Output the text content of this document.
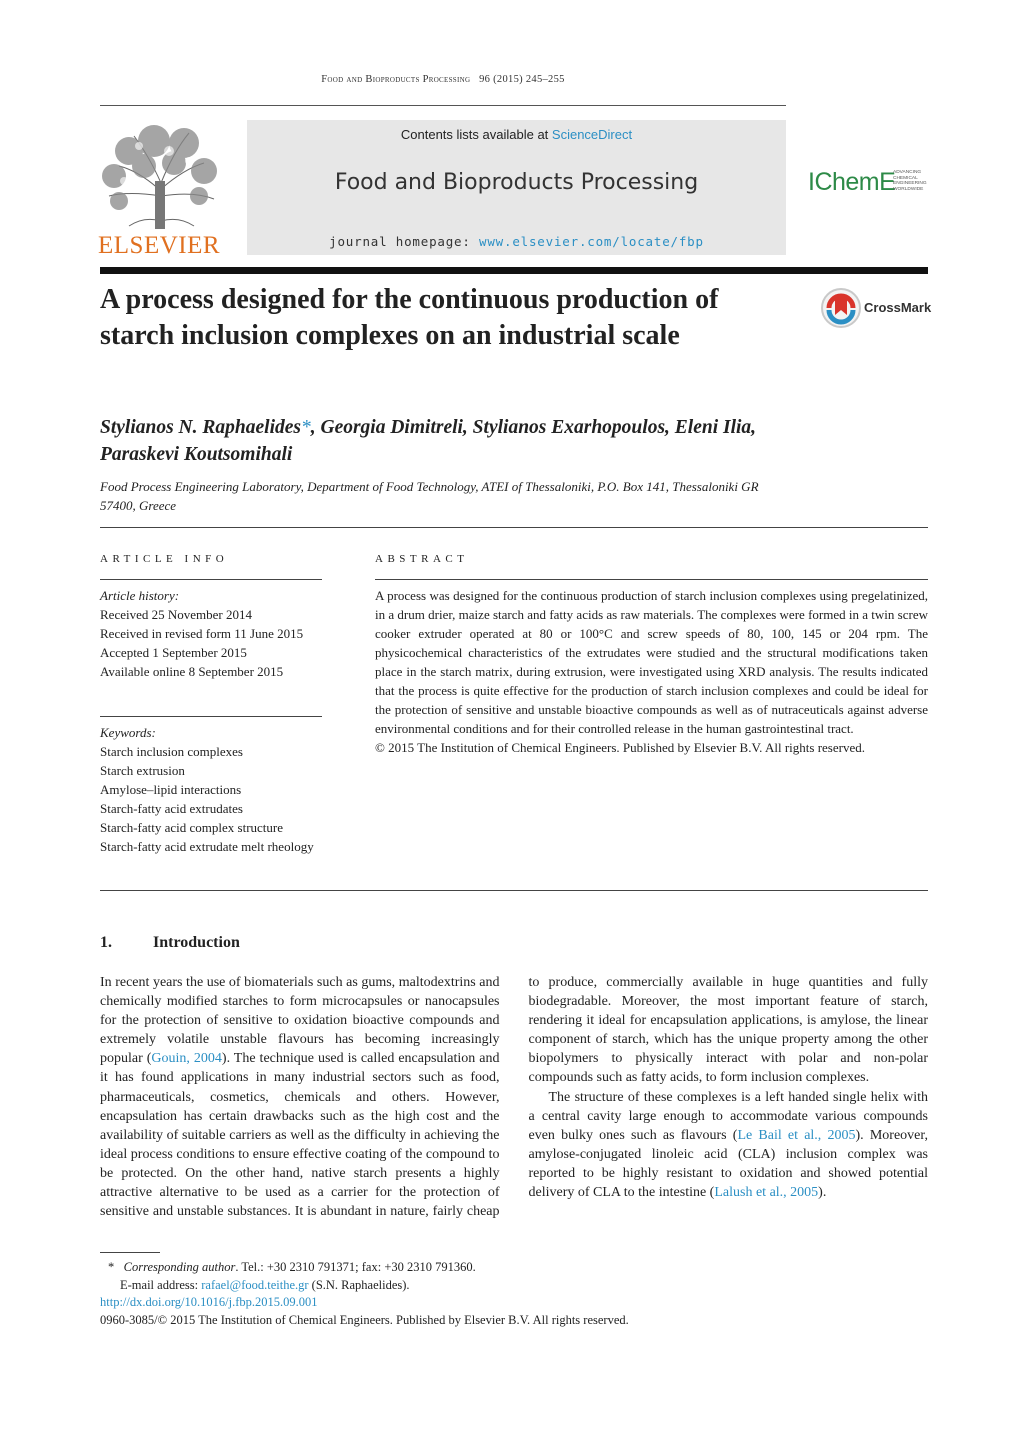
Food and Bioproducts Processing 96 (2015) 245–255
ELSEVIER
Contents lists available at ScienceDirect
Food and Bioproducts Processing
journal homepage: www.elsevier.com/locate/fbp
IChemE
ADVANCING CHEMICAL ENGINEERING WORLDWIDE
A process designed for the continuous production of starch inclusion complexes on an industrial scale
CrossMark
Stylianos N. Raphaelides*, Georgia Dimitreli, Stylianos Exarhopoulos, Eleni Ilia, Paraskevi Koutsomihali
Food Process Engineering Laboratory, Department of Food Technology, ATEI of Thessaloniki, P.O. Box 141, Thessaloniki GR 57400, Greece
ARTICLE INFO
Article history:
Received 25 November 2014
Received in revised form 11 June 2015
Accepted 1 September 2015
Available online 8 September 2015
Keywords:
Starch inclusion complexes
Starch extrusion
Amylose–lipid interactions
Starch-fatty acid extrudates
Starch-fatty acid complex structure
Starch-fatty acid extrudate melt rheology
ABSTRACT
A process was designed for the continuous production of starch inclusion complexes using pregelatinized, in a drum drier, maize starch and fatty acids as raw materials. The complexes were formed in a twin screw cooker extruder operated at 80 or 100°C and screw speeds of 80, 100, 145 or 204 rpm. The physicochemical characteristics of the extrudates were studied and the structural modifications taken place in the starch matrix, during extrusion, were investigated using XRD analysis. The results indicated that the process is quite effective for the production of starch inclusion complexes and could be ideal for the protection of sensitive and unstable bioactive compounds as well as of nutraceuticals against adverse environmental conditions and for their controlled release in the human gastrointestinal tract.
© 2015 The Institution of Chemical Engineers. Published by Elsevier B.V. All rights reserved.
1.	Introduction

In recent years the use of biomaterials such as gums, maltodextrins and chemically modified starches to form microcapsules or nanocapsules for the protection of sensitive to oxidation bioactive compounds and extremely volatile unstable flavours has becoming increasingly popular (Gouin, 2004). The technique used is called encapsulation and it has found applications in many industrial sectors such as food, pharmaceuticals, cosmetics, chemicals and others. However, encapsulation has certain drawbacks such as the high cost and the availability of suitable carriers as well as the difficulty in achieving the ideal process conditions to ensure effective coating of the compound to be protected. On the other hand, native starch presents a highly attractive alternative to be used as a carrier for the protection of sensitive and unstable substances. It is abundant in nature, fairly cheap to produce, commercially available in huge quantities and fully biodegradable. Moreover, the most important feature of starch, rendering it ideal for encapsulation applications, is amylose, the linear component of starch, which has the unique property among the other biopolymers to physically interact with polar and non-polar compounds such as fatty acids, to form inclusion complexes.

The structure of these complexes is a left handed single helix with a central cavity large enough to accommodate various compounds even bulky ones such as flavours (Le Bail et al., 2005). Moreover, amylose-conjugated linoleic acid (CLA) inclusion complex was reported to be highly resistant to oxidation and showed potential delivery of CLA to the intestine (Lalush et al., 2005).

* Corresponding author. Tel.: +30 2310 791371; fax: +30 2310 791360.
E-mail address: rafael@food.teithe.gr (S.N. Raphaelides).
http://dx.doi.org/10.1016/j.fbp.2015.09.001
0960-3085/© 2015 The Institution of Chemical Engineers. Published by Elsevier B.V. All rights reserved.
